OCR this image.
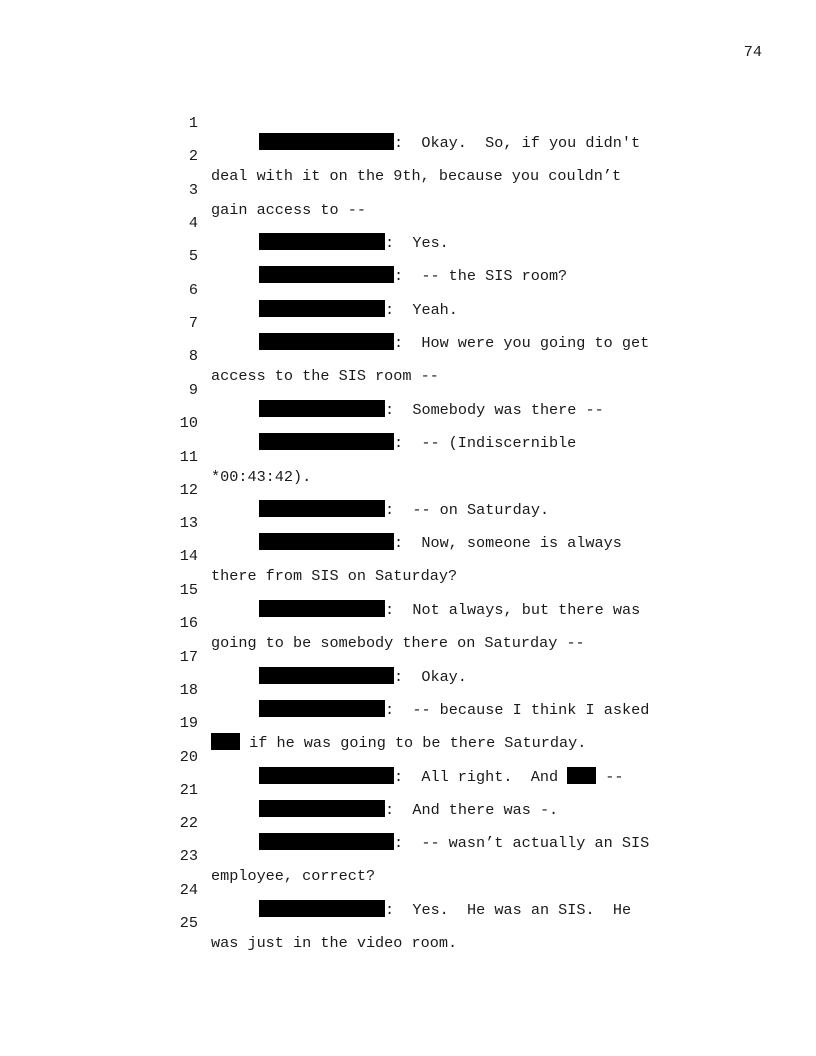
74

1

:  Okay.  So, if you didn't

2

deal with it on the 9th, because you couldn’t

3

gain access to --

4

:  Yes.

5

:  -- the SIS room?

6

:  Yeah.

7

:  How were you going to get

8

access to the SIS room --

9

:  Somebody was there --

10

:  -- (Indiscernible

11

*00:43:42).

12

:  -- on Saturday.

13

:  Now, someone is always

14

there from SIS on Saturday?

15

:  Not always, but there was

16

going to be somebody there on Saturday --

17

:  Okay.

18

:  -- because I think I asked

19

if he was going to be there Saturday.

20

:  All right.  And  --

21

:  And there was -.

22

:  -- wasn’t actually an SIS

23

employee, correct?

24

:  Yes.  He was an SIS.  He

25

was just in the video room.
